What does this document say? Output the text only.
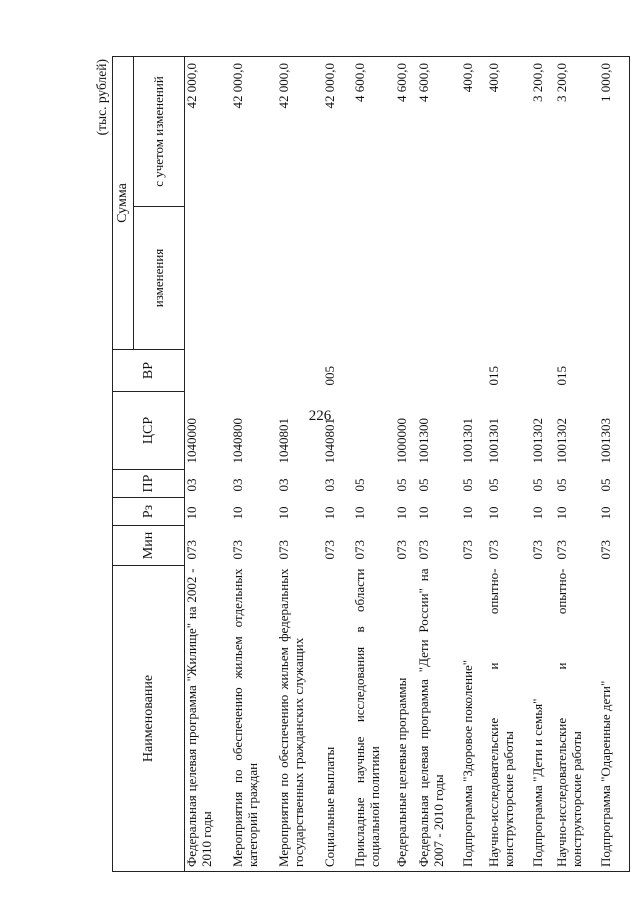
226
(тыс. рублей)
Наименование	Мин	Рз	ПР	ЦСР	ВР	Сумма	
						изменения	с учетом изменений
Федеральная целевая программа "Жилище" на 2002 - 2010 годы	073	10	03	1040000			42 000,0
Мероприятия по обеспечению жильем отдельных категорий граждан	073	10	03	1040800			42 000,0
Мероприятия по обеспечению жильем федеральных государственных гражданских служащих	073	10	03	1040801			42 000,0
Социальные выплаты	073	10	03	1040801	005		42 000,0
Прикладные научные исследования в области социальной политики	073	10	05				4 600,0
Федеральные целевые программы	073	10	05	1000000			4 600,0
Федеральная целевая программа "Дети России" на 2007 - 2010 годы	073	10	05	1001300			4 600,0
Подпрограмма "Здоровое поколение"	073	10	05	1001301			400,0
Научно-исследовательские и опытно-конструкторские работы	073	10	05	1001301	015		400,0
Подпрограмма "Дети и семья"	073	10	05	1001302			3 200,0
Научно-исследовательские и опытно-конструкторские работы	073	10	05	1001302	015		3 200,0
Подпрограмма "Одаренные дети"	073	10	05	1001303			1 000,0
